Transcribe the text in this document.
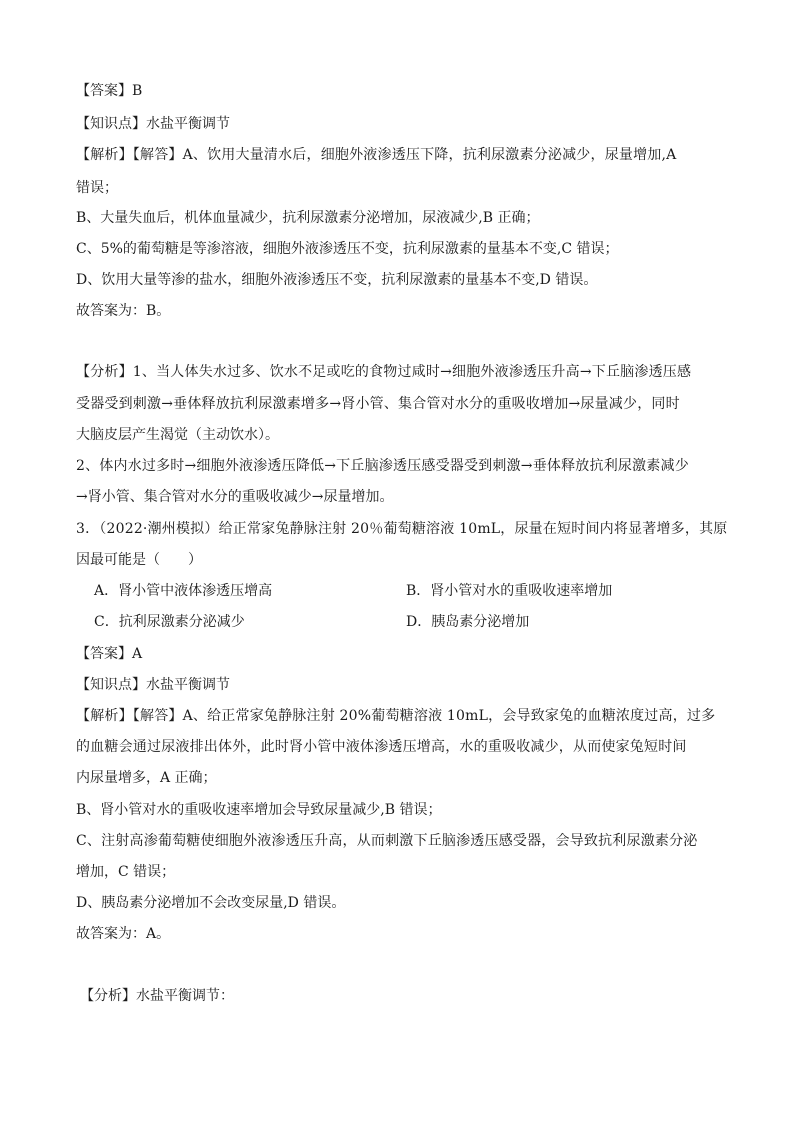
【答案】B
【知识点】水盐平衡调节
【解析】【解答】A、饮用大量清水后，细胞外液渗透压下降，抗利尿激素分泌减少，尿量增加,A
错误；
B、大量失血后，机体血量减少，抗利尿激素分泌增加，尿液减少,B 正确；
C、5%的葡萄糖是等渗溶液，细胞外液渗透压不变，抗利尿激素的量基本不变,C 错误；
D、饮用大量等渗的盐水，细胞外液渗透压不变，抗利尿激素的量基本不变,D 错误。
故答案为：B。
【分析】1、当人体失水过多、饮水不足或吃的食物过咸时→细胞外液渗透压升高→下丘脑渗透压感
受器受到刺激→垂体释放抗利尿激素增多→肾小管、集合管对水分的重吸收增加→尿量减少，同时
大脑皮层产生渴觉（主动饮水）。
2、体内水过多时→细胞外液渗透压降低→下丘脑渗透压感受器受到刺激→垂体释放抗利尿激素减少
→肾小管、集合管对水分的重吸收减少→尿量增加。
3．（2022·潮州模拟）给正常家兔静脉注射 20％葡萄糖溶液 10mL，尿量在短时间内将显著增多，其原
因最可能是（　　）
A．肾小管中液体渗透压增高	B．肾小管对水的重吸收速率增加
C．抗利尿激素分泌减少	D．胰岛素分泌增加
【答案】A
【知识点】水盐平衡调节
【解析】【解答】A、给正常家兔静脉注射 20%葡萄糖溶液 10mL，会导致家兔的血糖浓度过高，过多
的血糖会通过尿液排出体外，此时肾小管中液体渗透压增高，水的重吸收减少，从而使家兔短时间
内尿量增多，A 正确；
B、肾小管对水的重吸收速率增加会导致尿量减少,B 错误；
C、注射高渗葡萄糖使细胞外液渗透压升高，从而刺激下丘脑渗透压感受器，会导致抗利尿激素分泌
增加，C 错误；
D、胰岛素分泌增加不会改变尿量,D 错误。
故答案为：A。
【分析】水盐平衡调节：
